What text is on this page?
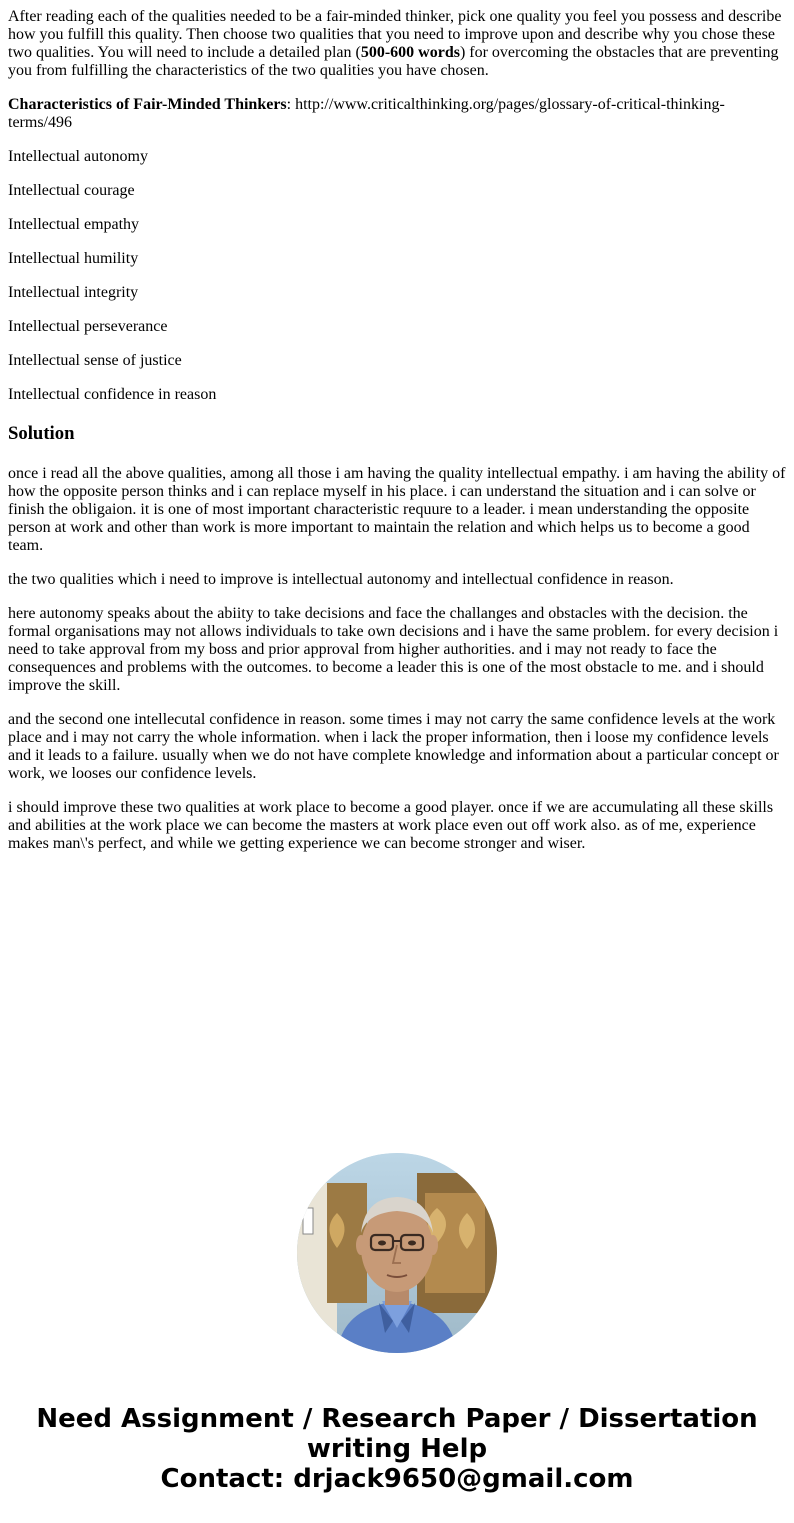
After reading each of the qualities needed to be a fair-minded thinker, pick one quality you feel you possess and describe how you fulfill this quality. Then choose two qualities that you need to improve upon and describe why you chose these two qualities. You will need to include a detailed plan (500-600 words) for overcoming the obstacles that are preventing you from fulfilling the characteristics of the two qualities you have chosen.

Characteristics of Fair-Minded Thinkers: http://www.criticalthinking.org/pages/glossary-of-critical-thinking-terms/496

Intellectual autonomy

Intellectual courage

Intellectual empathy

Intellectual humility

Intellectual integrity

Intellectual perseverance

Intellectual sense of justice

Intellectual confidence in reason

Solution

once i read all the above qualities, among all those i am having the quality intellectual empathy. i am having the ability of how the opposite person thinks and i can replace myself in his place. i can understand the situation and i can solve or finish the obligaion. it is one of most important characteristic requure to a leader. i mean understanding the opposite person at work and other than work is more important to maintain the relation and which helps us to become a good team.

the two qualities which i need to improve is intellectual autonomy and intellectual confidence in reason.

here autonomy speaks about the abiity to take decisions and face the challanges and obstacles with the decision. the formal organisations may not allows individuals to take own decisions and i have the same problem. for every decision i need to take approval from my boss and prior approval from higher authorities. and i may not ready to face the consequences and problems with the outcomes. to become a leader this is one of the most obstacle to me. and i should improve the skill.

and the second one intellecutal confidence in reason. some times i may not carry the same confidence levels at the work place and i may not carry the whole information. when i lack the proper information, then i loose my confidence levels and it leads to a failure. usually when we do not have complete knowledge and information about a particular concept or work, we looses our confidence levels.

i should improve these two qualities at work place to become a good player. once if we are accumulating all these skills and abilities at the work place we can become the masters at work place even out off work also. as of me, experience makes man\'s perfect, and while we getting experience we can become stronger and wiser.

Need Assignment / Research Paper / Dissertation
writing Help
Contact: drjack9650@gmail.com
